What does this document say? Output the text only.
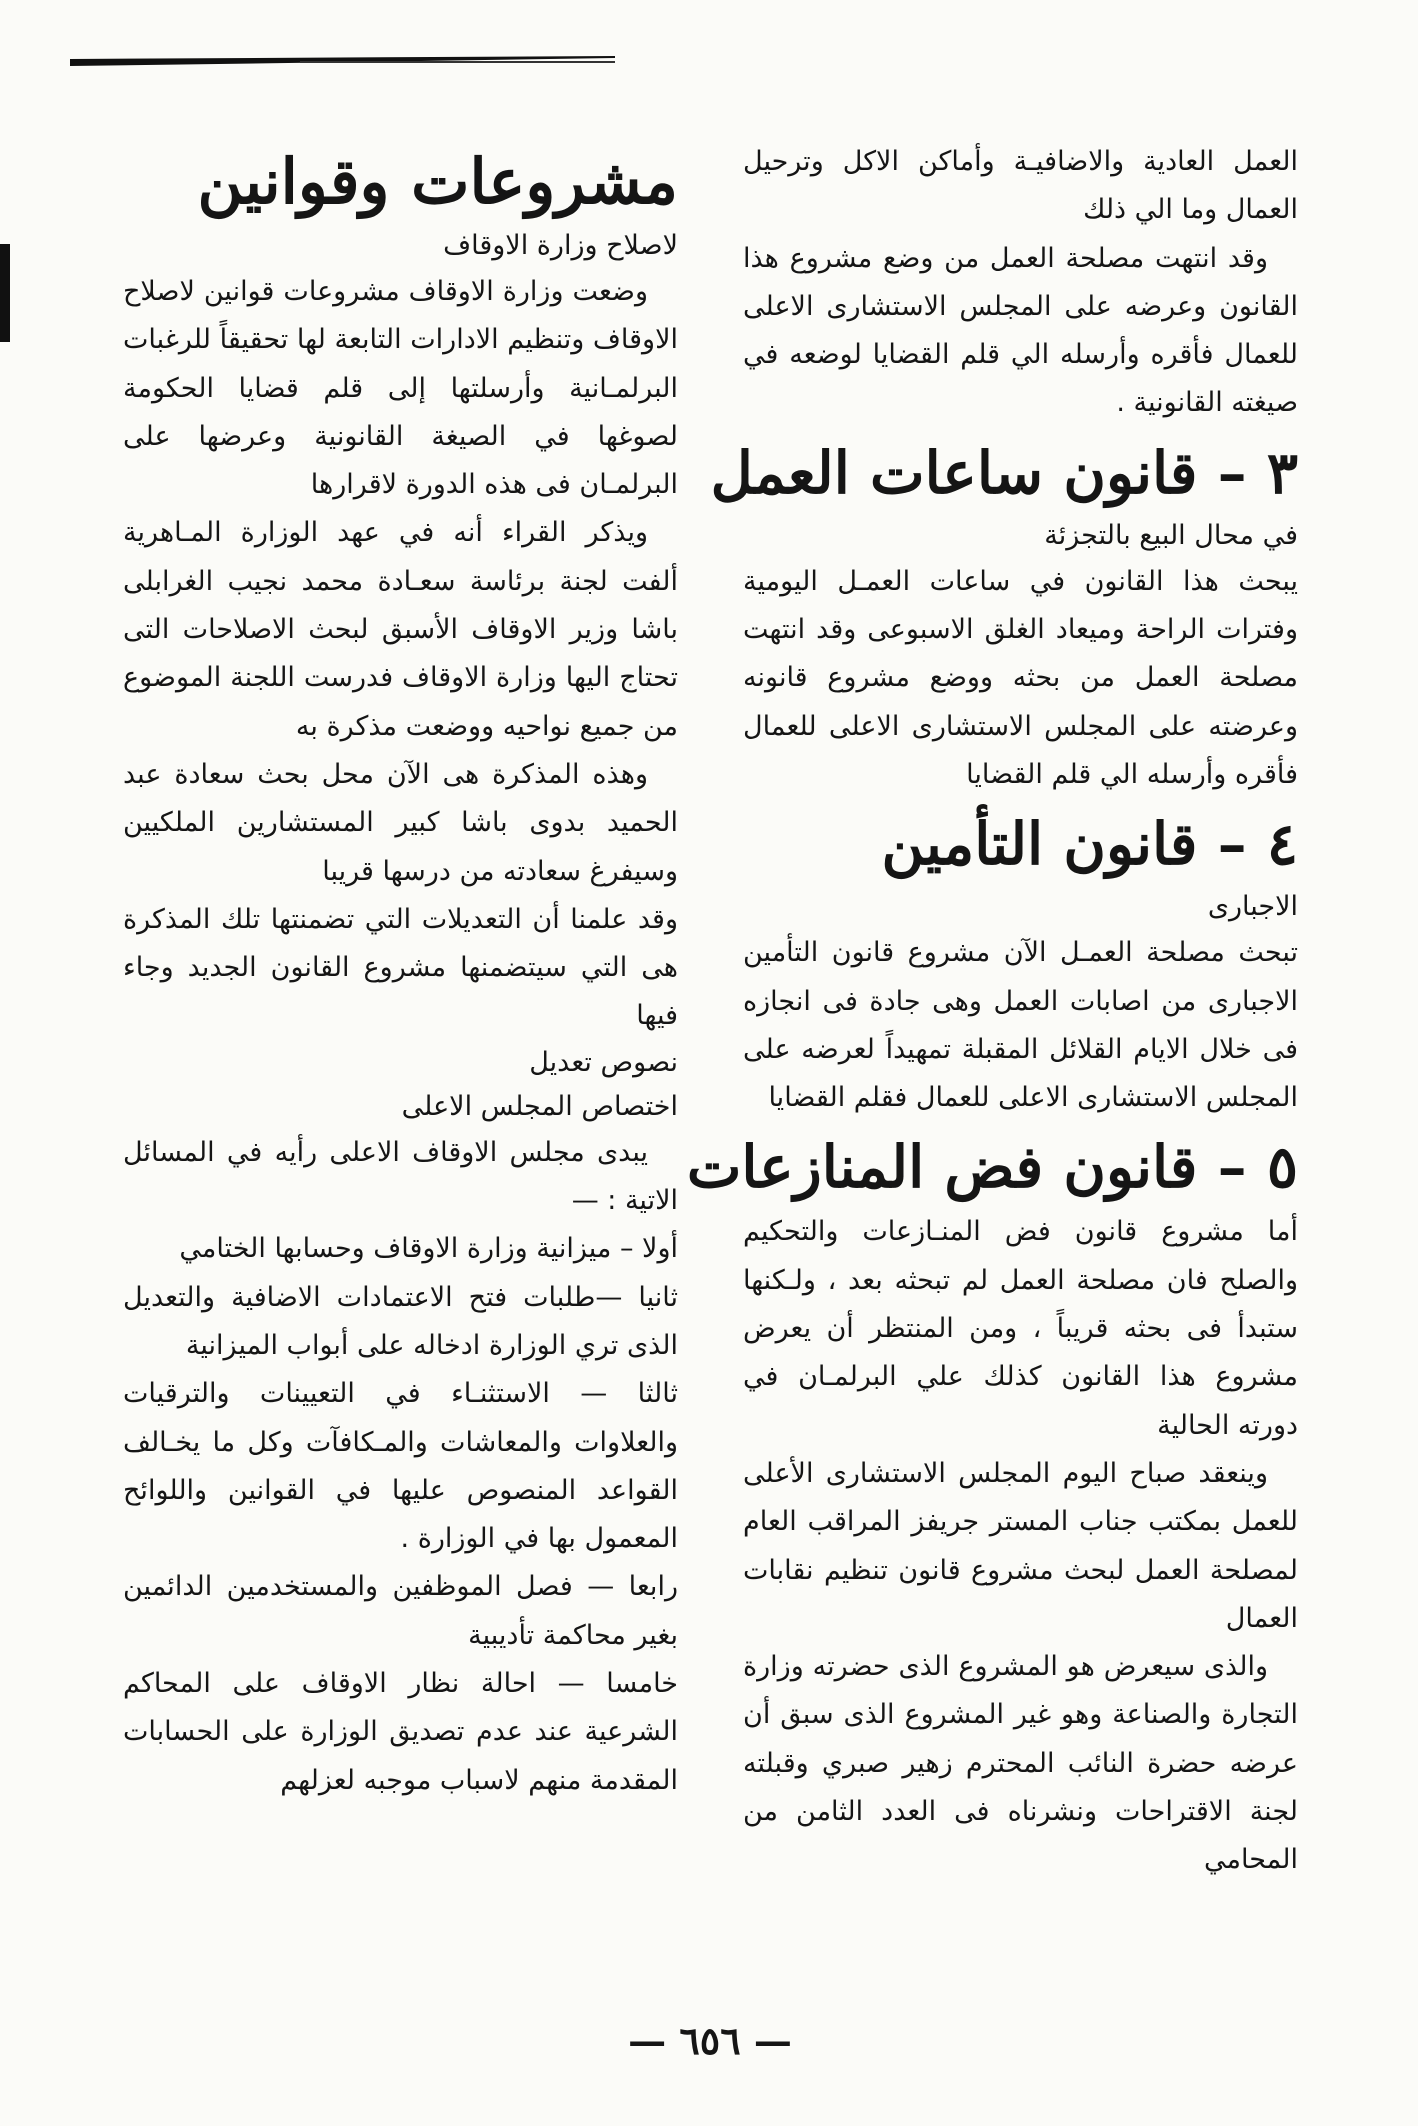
العمل العادية والاضافيـة وأماكن الاكل وترحيل العمال وما الي ذلك

وقد انتهت مصلحة العمل من وضع مشروع هذا القانون وعرضه على المجلس الاستشارى الاعلى للعمال فأقره وأرسله الي قلم القضايا لوضعه في صيغته القانونية .

٣ – قانون ساعات العمل

في محال البيع بالتجزئة

يبحث هذا القانون في ساعات العمـل اليومية وفترات الراحة وميعاد الغلق الاسبوعى وقد انتهت مصلحة العمل من بحثه ووضع مشروع قانونه وعرضته على المجلس الاستشارى الاعلى للعمال فأقره وأرسله الي قلم القضايا

٤ – قانون التأمين

الاجبارى

تبحث مصلحة العمـل الآن مشروع قانون التأمين الاجبارى من اصابات العمل وهى جادة فى انجازه فى خلال الايام القلائل المقبلة تمهيداً لعرضه على المجلس الاستشارى الاعلى للعمال فقلم القضايا

٥ – قانون فض المنازعات

أما مشروع قانون فض المنـازعات والتحكيم والصلح فان مصلحة العمل لم تبحثه بعد ، ولـكنها ستبدأ فى بحثه قريباً ، ومن المنتظر أن يعرض مشروع هذا القانون كذلك علي البرلمـان في دورته الحالية

وينعقد صباح اليوم المجلس الاستشارى الأعلى للعمل بمكتب جناب المستر جريفز المراقب العام لمصلحة العمل لبحث مشروع قانون تنظيم نقابات العمال

والذى سيعرض هو المشروع الذى حضرته وزارة التجارة والصناعة وهو غير المشروع الذى سبق أن عرضه حضرة النائب المحترم زهير صبري وقبلته لجنة الاقتراحات ونشرناه فى العدد الثامن من المحامي

مشروعات وقوانين

لاصلاح وزارة الاوقاف

وضعت وزارة الاوقاف مشروعات قوانين لاصلاح الاوقاف وتنظيم الادارات التابعة لها تحقيقاً للرغبات البرلمـانية وأرسلتها إلى قلم قضايا الحكومة لصوغها في الصيغة القانونية وعرضها على البرلمـان فى هذه الدورة لاقرارها

ويذكر القراء أنه في عهد الوزارة المـاهرية ألفت لجنة برئاسة سعـادة محمد نجيب الغرابلى باشا وزير الاوقاف الأسبق لبحث الاصلاحات التى تحتاج اليها وزارة الاوقاف فدرست اللجنة الموضوع من جميع نواحيه ووضعت مذكرة به

وهذه المذكرة هى الآن محل بحث سعادة عبد الحميد بدوى باشا كبير المستشارين الملكيين وسيفرغ سعادته من درسها قريبا

وقد علمنا أن التعديلات التي تضمنتها تلك المذكرة هى التي سيتضمنها مشروع القانون الجديد وجاء فيها

نصوص تعديل

اختصاص المجلس الاعلى

يبدى مجلس الاوقاف الاعلى رأيه في المسائل الاتية : —

أولا – ميزانية وزارة الاوقاف وحسابها الختامي

ثانيا —طلبات فتح الاعتمادات الاضافية والتعديل الذى تري الوزارة ادخاله على أبواب الميزانية

ثالثا — الاستثنـاء في التعيينات والترقيات والعلاوات والمعاشات والمـكافآت وكل ما يخـالف القواعد المنصوص عليها في القوانين واللوائح المعمول بها في الوزارة .

رابعا — فصل الموظفين والمستخدمين الدائمين بغير محاكمة تأديبية

خامسا — احالة نظار الاوقاف على المحاكم الشرعية عند عدم تصديق الوزارة على الحسابات المقدمة منهم لاسباب موجبه لعزلهم

— ٦٥٦ —
